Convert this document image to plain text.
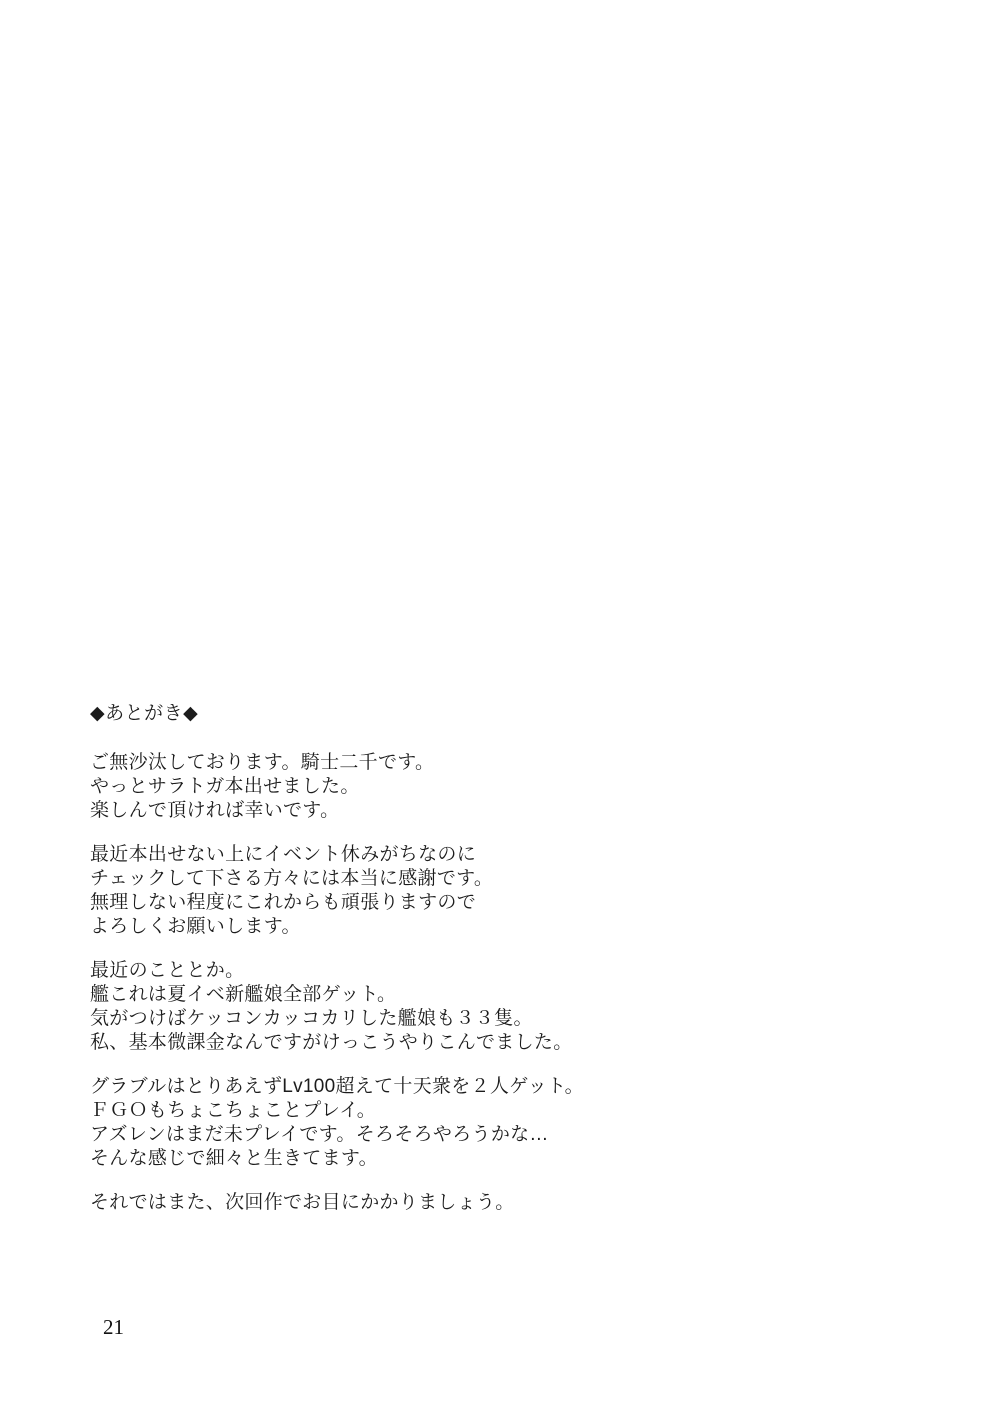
◆あとがき◆

ご無沙汰しております。騎士二千です。
やっとサラトガ本出せました。
楽しんで頂ければ幸いです。

最近本出せない上にイベント休みがちなのに
チェックして下さる方々には本当に感謝です。
無理しない程度にこれからも頑張りますので
よろしくお願いします。

最近のこととか。
艦これは夏イベ新艦娘全部ゲット。
気がつけばケッコンカッコカリした艦娘も３３隻。
私、基本微課金なんですがけっこうやりこんでました。

グラブルはとりあえずLv100超えて十天衆を２人ゲット。
ＦＧＯもちょこちょことプレイ。
アズレンはまだ未プレイです。そろそろやろうかな…
そんな感じで細々と生きてます。

それではまた、次回作でお目にかかりましょう。

21
